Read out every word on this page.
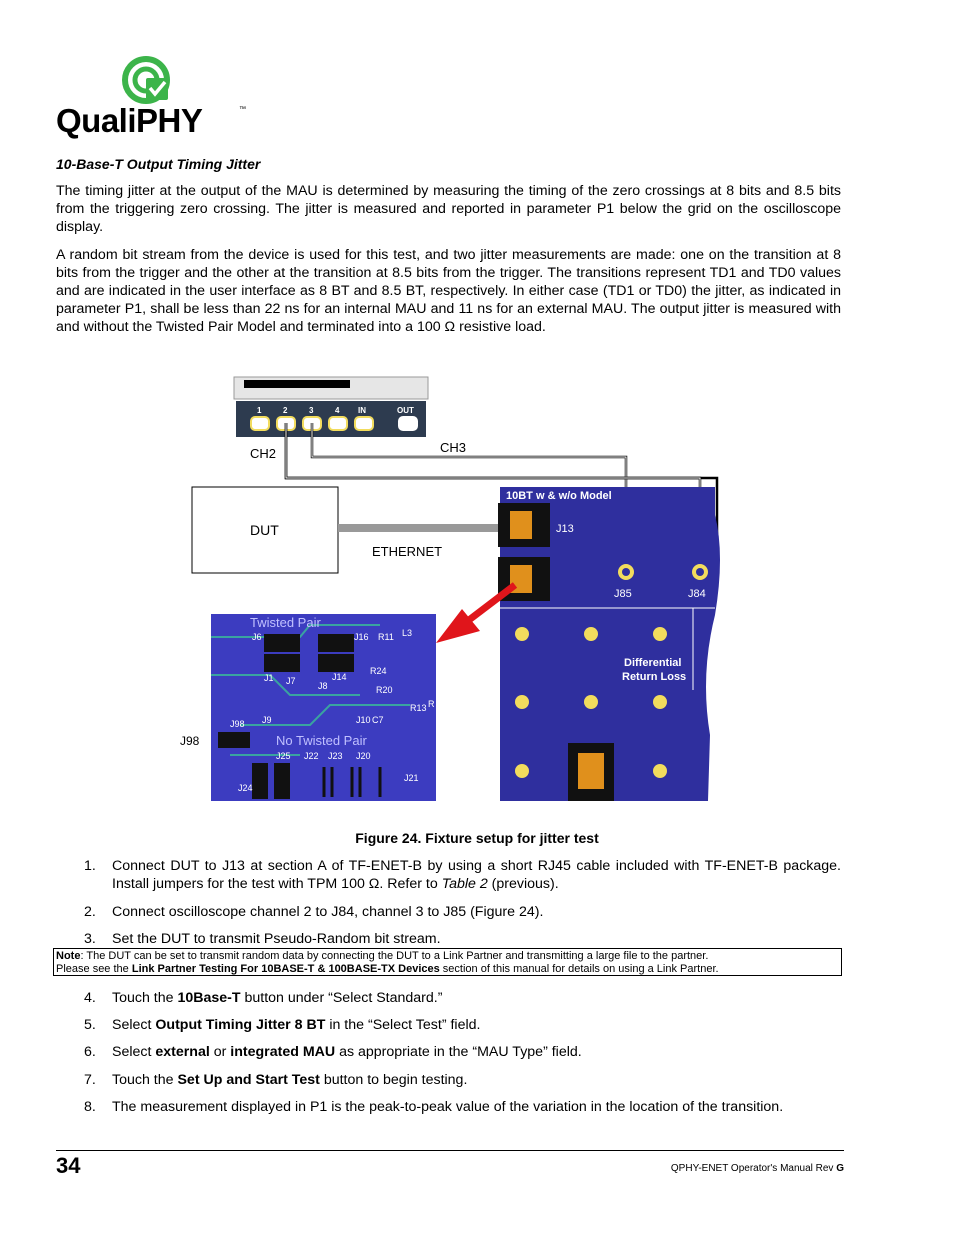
QualiPHY	™
10-Base-T Output Timing Jitter
The timing jitter at the output of the MAU is determined by measuring the timing of the zero crossings at 8 bits and 8.5 bits from the triggering zero crossing. The jitter is measured and reported in parameter P1 below the grid on the oscilloscope display.
A random bit stream from the device is used for this test, and two jitter measurements are made: one on the transition at 8 bits from the trigger and the other at the transition at 8.5 bits from the trigger. The transitions represent TD1 and TD0 values and are indicated in the user interface as 8 BT and 8.5 BT, respectively. In either case (TD1 or TD0) the jitter, as indicated in parameter P1, shall be less than 22 ns for an internal MAU and 11 ns for an external MAU. The output jitter is measured with and without the Twisted Pair Model and terminated into a 100 Ω resistive load.
1	2	3	4 IN	OUT
CH2	CH3
DUT
ETHERNET
10BT w & w/o Model
J13
J85	J84
Differential
Return Loss
Twisted Pair
No Twisted Pair
J6	J16 R11 L3
J1 J7 J8
J14
R24
R20
R13
J9	J10 C7
J98
J25 J22 J23 J20
J24
J21
R
J98
Figure 24. Fixture setup for jitter test
1. Connect DUT to J13 at section A of TF-ENET-B by using a short RJ45 cable included with TF-ENET-B package. Install jumpers for the test with TPM 100 Ω. Refer to Table 2 (previous).
2. Connect oscilloscope channel 2 to J84, channel 3 to J85 (Figure 24).
3. Set the DUT to transmit Pseudo-Random bit stream.
Note: The DUT can be set to transmit random data by connecting the DUT to a Link Partner and transmitting a large file to the partner.
Please see the Link Partner Testing For 10BASE-T & 100BASE-TX Devices section of this manual for details on using a Link Partner.
4. Touch the 10Base-T button under “Select Standard.”
5. Select Output Timing Jitter 8 BT in the “Select Test” field.
6. Select external or integrated MAU as appropriate in the “MAU Type” field.
7. Touch the Set Up and Start Test button to begin testing.
8. The measurement displayed in P1 is the peak-to-peak value of the variation in the location of the transition.
34	QPHY-ENET Operator's Manual Rev G
